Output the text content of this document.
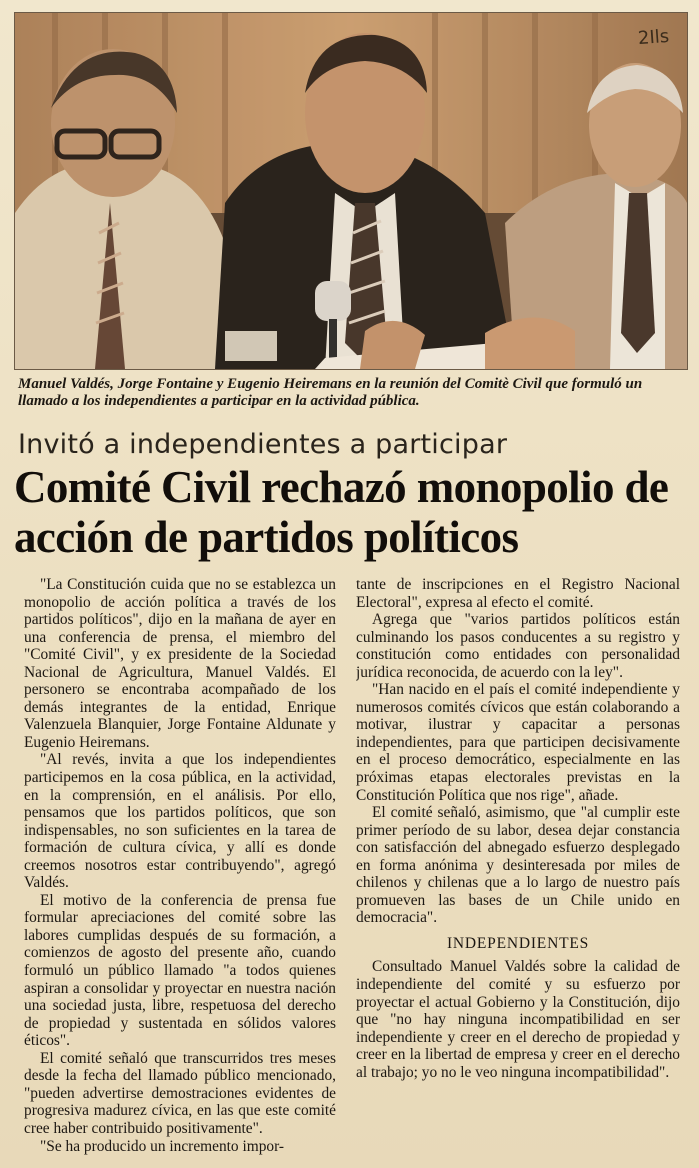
2Ils
Manuel Valdés, Jorge Fontaine y Eugenio Heiremans en la reunión del Comitè Civil que formuló un llamado a los independientes a participar en la actividad pública.
Invitó a independientes a participar
Comité Civil rechazó monopolio de acción de partidos políticos

"La Constitución cuida que no se establezca un monopolio de acción política a través de los partidos políticos", dijo en la mañana de ayer en una conferencia de prensa, el miembro del "Comité Civil", y ex presidente de la Sociedad Nacional de Agricultura, Manuel Valdés. El personero se encontraba acompañado de los demás integrantes de la entidad, Enrique Valenzuela Blanquier, Jorge Fontaine Aldunate y Eugenio Heiremans.

"Al revés, invita a que los independientes participemos en la cosa pública, en la actividad, en la comprensión, en el análisis. Por ello, pensamos que los partidos políticos, que son indispensables, no son suficientes en la tarea de formación de cultura cívica, y allí es donde creemos nosotros estar contribuyendo", agregó Valdés.

El motivo de la conferencia de prensa fue formular apreciaciones del comité sobre las labores cumplidas después de su formación, a comienzos de agosto del presente año, cuando formuló un público llamado "a todos quienes aspiran a consolidar y proyectar en nuestra nación una sociedad justa, libre, respetuosa del derecho de propiedad y sustentada en sólidos valores éticos".

El comité señaló que transcurridos tres meses desde la fecha del llamado público mencionado, "pueden advertirse demostraciones evidentes de progresiva madurez cívica, en las que este comité cree haber contribuido positivamente".

"Se ha producido un incremento impor-

tante de inscripciones en el Registro Nacional Electoral", expresa al efecto el comité.

Agrega que "varios partidos políticos están culminando los pasos conducentes a su registro y constitución como entidades con personalidad jurídica reconocida, de acuerdo con la ley".

"Han nacido en el país el comité independiente y numerosos comités cívicos que están colaborando a motivar, ilustrar y capacitar a personas independientes, para que participen decisivamente en el proceso democrático, especialmente en las próximas etapas electorales previstas en la Constitución Política que nos rige", añade.

El comité señaló, asimismo, que "al cumplir este primer período de su labor, desea dejar constancia con satisfacción del abnegado esfuerzo desplegado en forma anónima y desinteresada por miles de chilenos y chilenas que a lo largo de nuestro país promueven las bases de un Chile unido en democracia".

INDEPENDIENTES

Consultado Manuel Valdés sobre la calidad de independiente del comité y su esfuerzo por proyectar el actual Gobierno y la Constitución, dijo que "no hay ninguna incompatibilidad en ser independiente y creer en el derecho de propiedad y creer en la libertad de empresa y creer en el derecho al trabajo; yo no le veo ninguna incompatibilidad".
